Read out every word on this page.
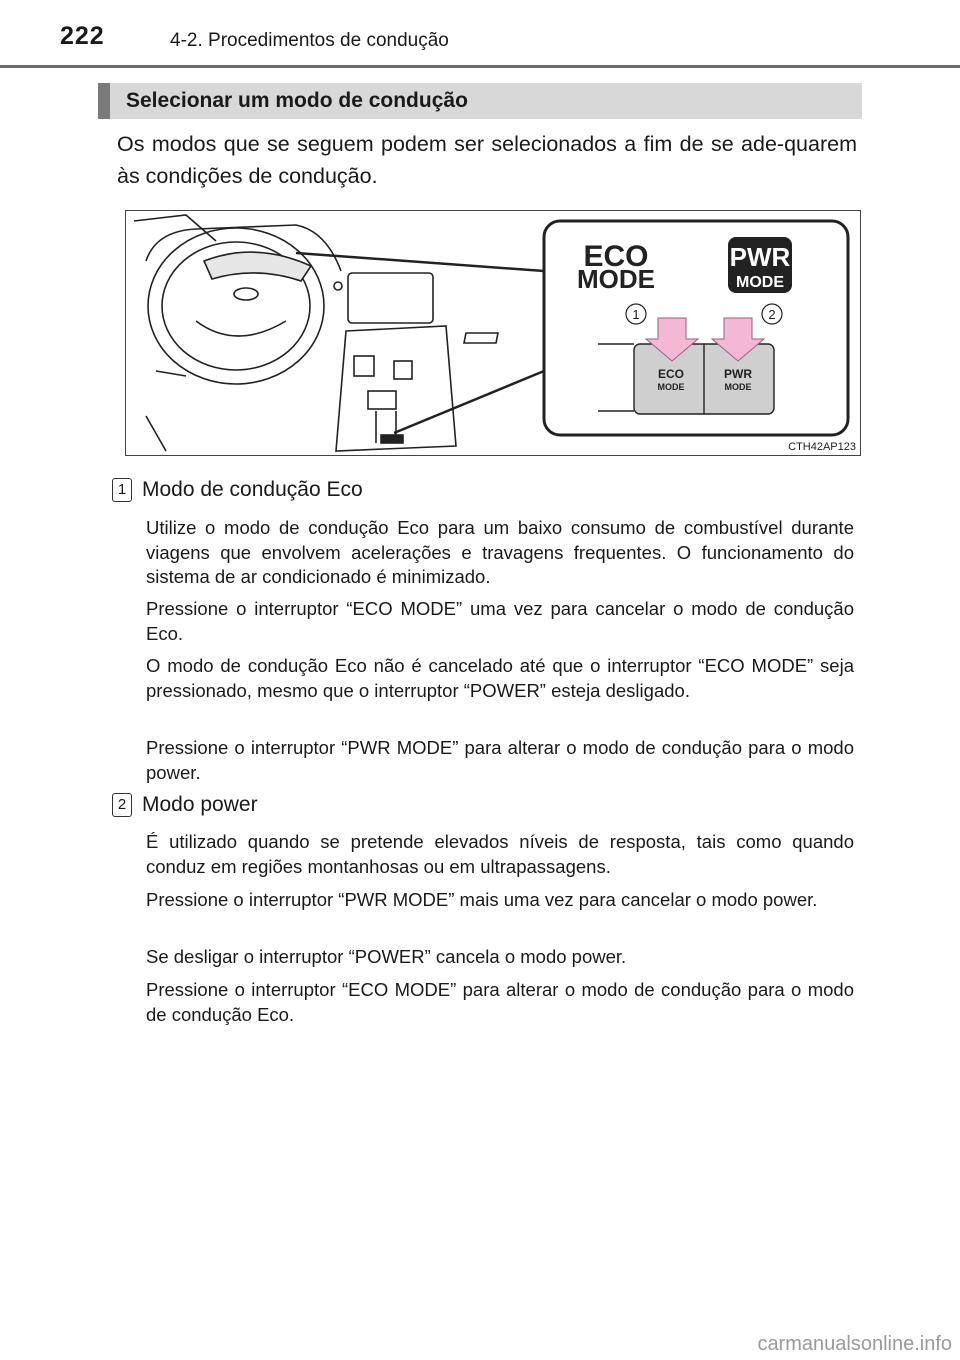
222	4-2. Procedimentos de condução
Selecionar um modo de condução
Os modos que se seguem podem ser selecionados a fim de se ade-quarem às condições de condução.
ECO
MODE
PWR
MODE
1	2
ECO
MODE
PWR
MODE
CTH42AP123
1 Modo de condução Eco
Utilize o modo de condução Eco para um baixo consumo de combustível durante viagens que envolvem acelerações e travagens frequentes. O funcionamento do sistema de ar condicionado é minimizado.
Pressione o interruptor “ECO MODE” uma vez para cancelar o modo de condução Eco.
O modo de condução Eco não é cancelado até que o interruptor “ECO MODE” seja pressionado, mesmo que o interruptor “POWER” esteja desligado.
Pressione o interruptor “PWR MODE” para alterar o modo de condução para o modo power.
2 Modo power
É utilizado quando se pretende elevados níveis de resposta, tais como quando conduz em regiões montanhosas ou em ultrapassagens.
Pressione o interruptor “PWR MODE” mais uma vez para cancelar o modo power.
Se desligar o interruptor “POWER” cancela o modo power.
Pressione o interruptor “ECO MODE” para alterar o modo de condução para o modo de condução Eco.
carmanualsonline.info
